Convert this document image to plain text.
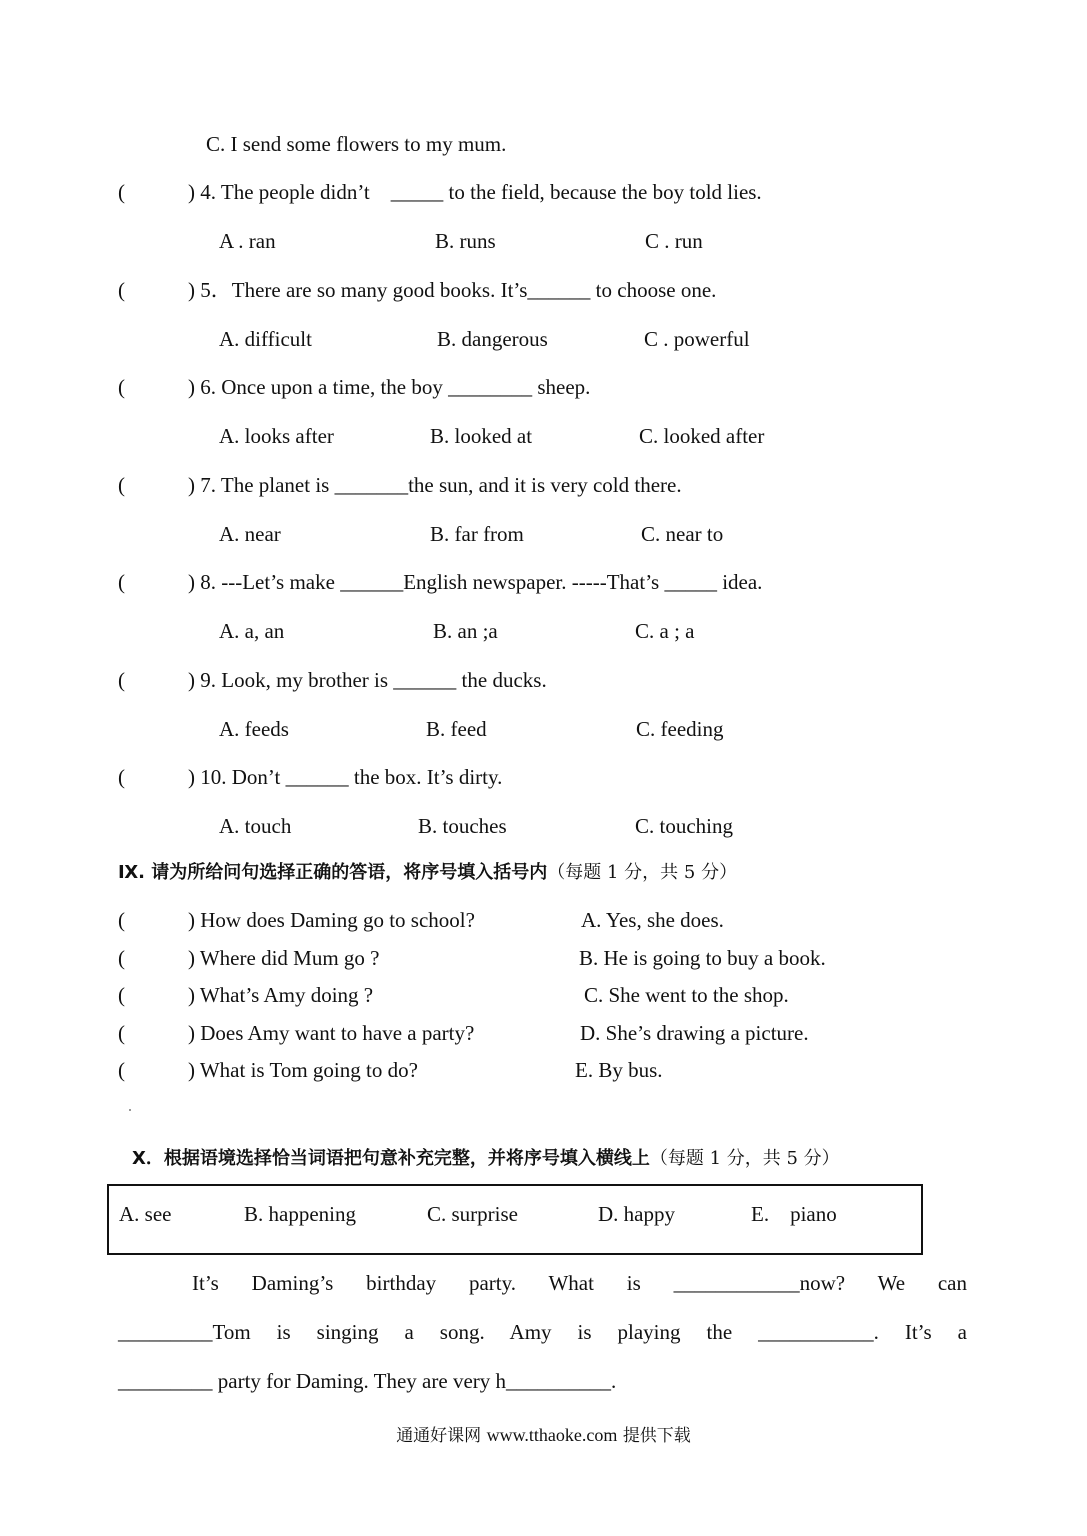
C. I send some flowers to my mum.
(	) 4. The people didn’t    _____ to the field, because the boy told lies.
A . ran	B. runs	C . run
(	) 5．There are so many good books. It’s______ to choose one.
A. difficult	B. dangerous	C . powerful
(	) 6. Once upon a time, the boy ________ sheep.
A. looks after	B. looked at	C. looked after
(	) 7. The planet is _______the sun, and it is very cold there.
A. near	B. far from	C. near to
(	) 8. ---Let’s make ______English newspaper. -----That’s _____ idea.
A. a, an	B. an ;a	C. a ; a
(	) 9. Look, my brother is ______ the ducks.
A. feeds	B. feed	C. feeding
(	) 10. Don’t ______ the box. It’s dirty.
A. touch	B. touches	C. touching
Ⅸ. 请为所给问句选择正确的答语，将序号填入括号内（每题 1 分，共 5 分）
(	) How does Daming go to school?	A. Yes, she does.
(	) Where did Mum go ?	B. He is going to buy a book.
(	) What’s Amy doing ?	C. She went to the shop.
(	) Does Amy want to have a party?	D. She’s drawing a picture.
(	) What is Tom going to do?	E. By bus.
X．根据语境选择恰当词语把句意补充完整，并将序号填入横线上（每题 1 分，共 5 分）
A. see	B. happening	C. surprise	D. happy	E.    piano
It’s Daming’s birthday party. What is ____________now? We can
_________Tom is singing a song. Amy is playing the ___________. It’s a
_________ party for Daming. They are very h__________.
通通好课网 www.tthaoke.com 提供下载
